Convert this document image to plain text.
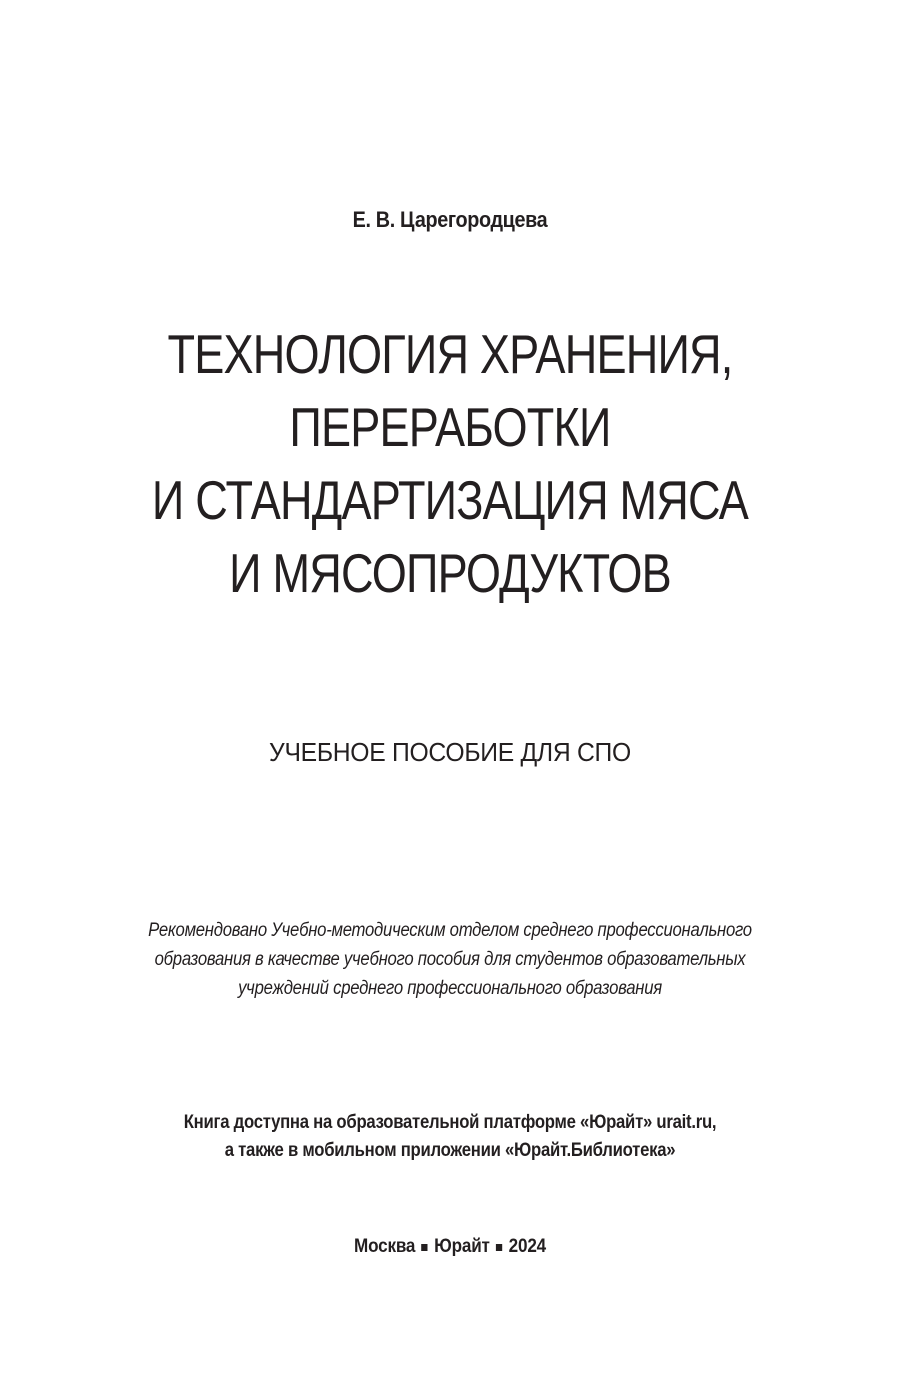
Е. В. Царегородцева
ТЕХНОЛОГИЯ ХРАНЕНИЯ,
ПЕРЕРАБОТКИ
И СТАНДАРТИЗАЦИЯ МЯСА
И МЯСОПРОДУКТОВ
УЧЕБНОЕ ПОСОБИЕ ДЛЯ СПО
Рекомендовано Учебно-методическим отделом среднего профессионального
образования в качестве учебного пособия для студентов образовательных
учреждений среднего профессионального образования
Книга доступна на образовательной платформе «Юрайт» urait.ru,
а также в мобильном приложении «Юрайт.Библиотека»
Москва Юрайт 2024
